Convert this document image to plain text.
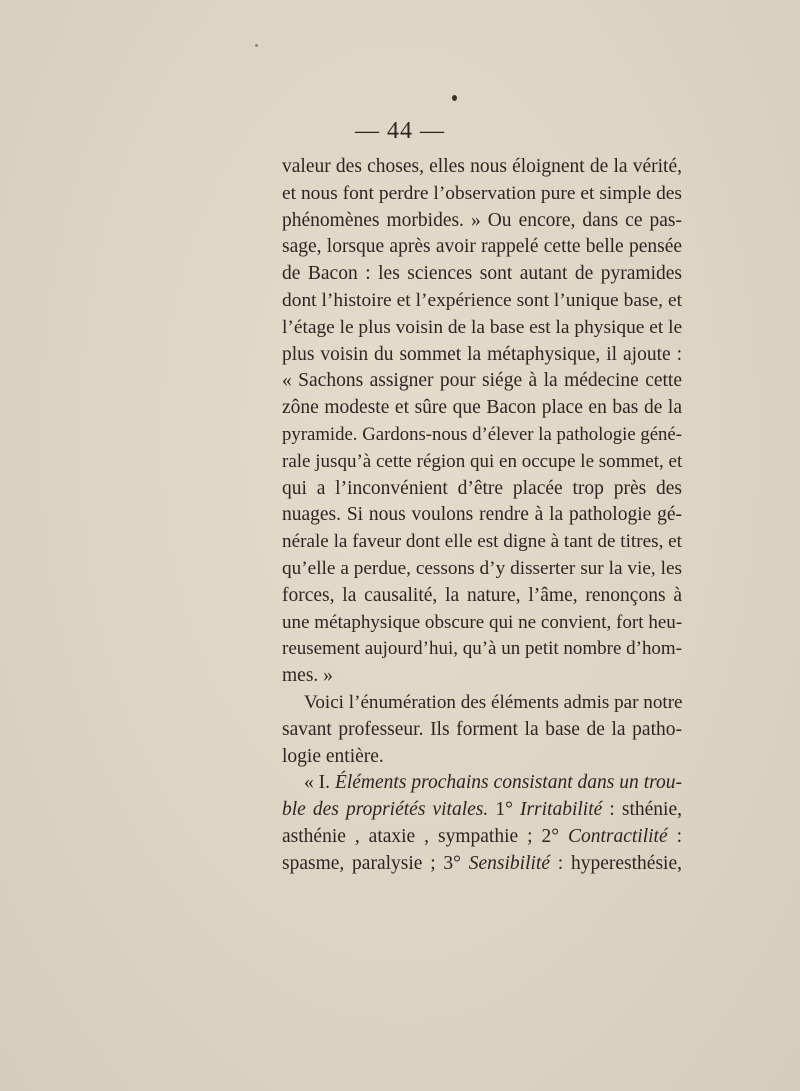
— 44 —
valeur des choses, elles nous éloignent de la vérité,
et nous font perdre l’observation pure et simple des
phénomènes morbides. » Ou encore, dans ce pas-
sage, lorsque après avoir rappelé cette belle pensée
de Bacon : les sciences sont autant de pyramides
dont l’histoire et l’expérience sont l’unique base, et
l’étage le plus voisin de la base est la physique et le
plus voisin du sommet la métaphysique, il ajoute :
« Sachons assigner pour siége à la médecine cette
zône modeste et sûre que Bacon place en bas de la
pyramide. Gardons-nous d’élever la pathologie géné-
rale jusqu’à cette région qui en occupe le sommet, et
qui a l’inconvénient d’être placée trop près des
nuages. Si nous voulons rendre à la pathologie gé-
nérale la faveur dont elle est digne à tant de titres, et
qu’elle a perdue, cessons d’y disserter sur la vie, les
forces, la causalité, la nature, l’âme, renonçons à
une métaphysique obscure qui ne convient, fort heu-
reusement aujourd’hui, qu’à un petit nombre d’hom-
mes. »
Voici l’énumération des éléments admis par notre
savant professeur. Ils forment la base de la patho-
logie entière.
« I. Éléments prochains consistant dans un trou-
ble des propriétés vitales. 1° Irritabilité : sthénie,
asthénie , ataxie , sympathie ; 2° Contractilité :
spasme, paralysie ; 3° Sensibilité : hyperesthésie,
